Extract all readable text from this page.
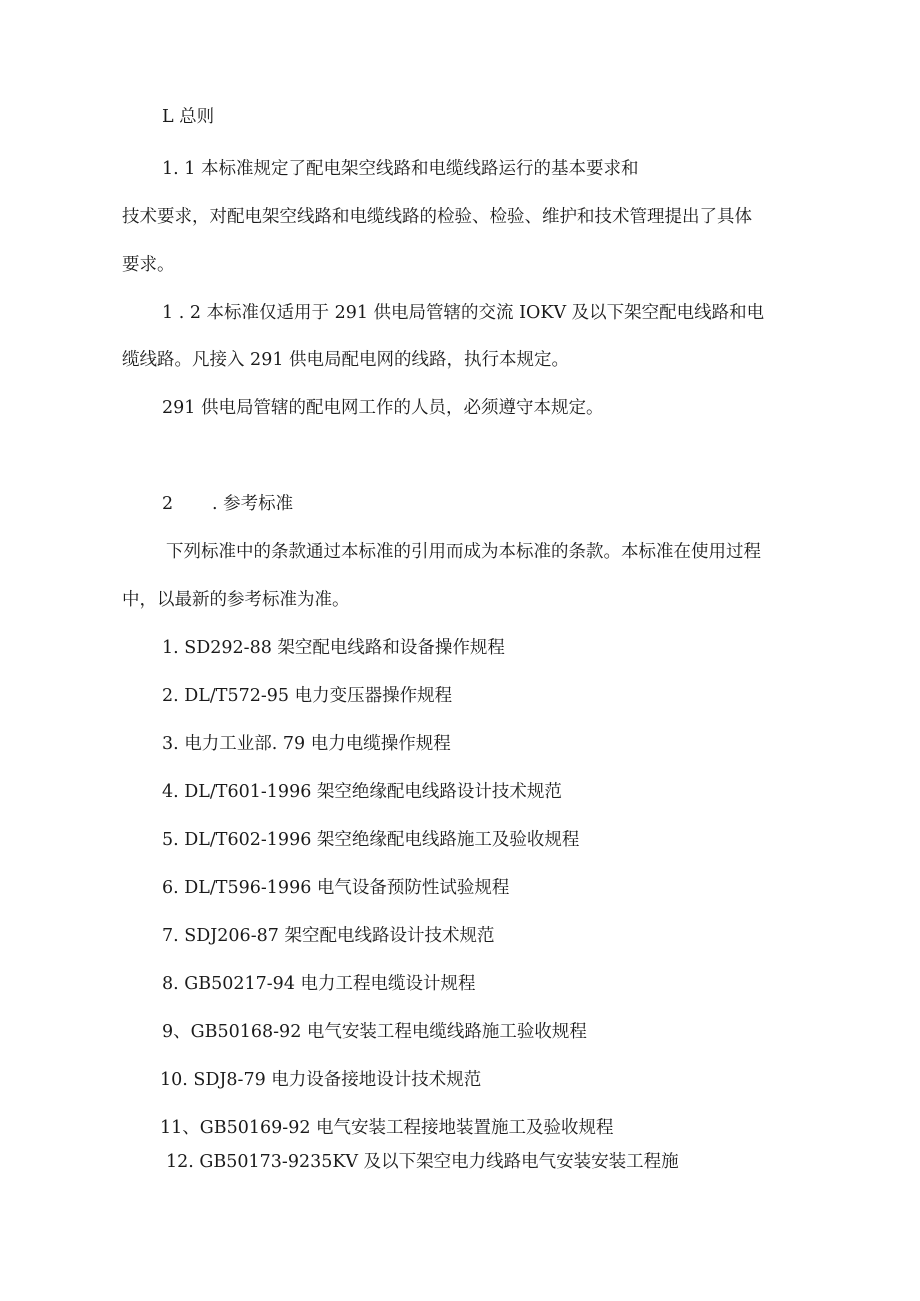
L 总则
1. 1 本标准规定了配电架空线路和电缆线路运行的基本要求和
技术要求，对配电架空线路和电缆线路的检验、检验、维护和技术管理提出了具体
要求。
1 . 2 本标准仅适用于 291 供电局管辖的交流 IOKV 及以下架空配电线路和电
缆线路。凡接入 291 供电局配电网的线路，执行本规定。
291 供电局管辖的配电网工作的人员，必须遵守本规定。
2 . 参考标准
下列标准中的条款通过本标准的引用而成为本标准的条款。本标准在使用过程
中，以最新的参考标准为准。
1. SD292-88 架空配电线路和设备操作规程
2. DL/T572-95 电力变压器操作规程
3. 电力工业部. 79 电力电缆操作规程
4. DL/T601-1996 架空绝缘配电线路设计技术规范
5. DL/T602-1996 架空绝缘配电线路施工及验收规程
6. DL/T596-1996 电气设备预防性试验规程
7. SDJ206-87 架空配电线路设计技术规范
8. GB50217-94 电力工程电缆设计规程
9、GB50168-92 电气安装工程电缆线路施工验收规程
10. SDJ8-79 电力设备接地设计技术规范
11、GB50169-92 电气安装工程接地装置施工及验收规程
12. GB50173-9235KV 及以下架空电力线路电气安装安装工程施
